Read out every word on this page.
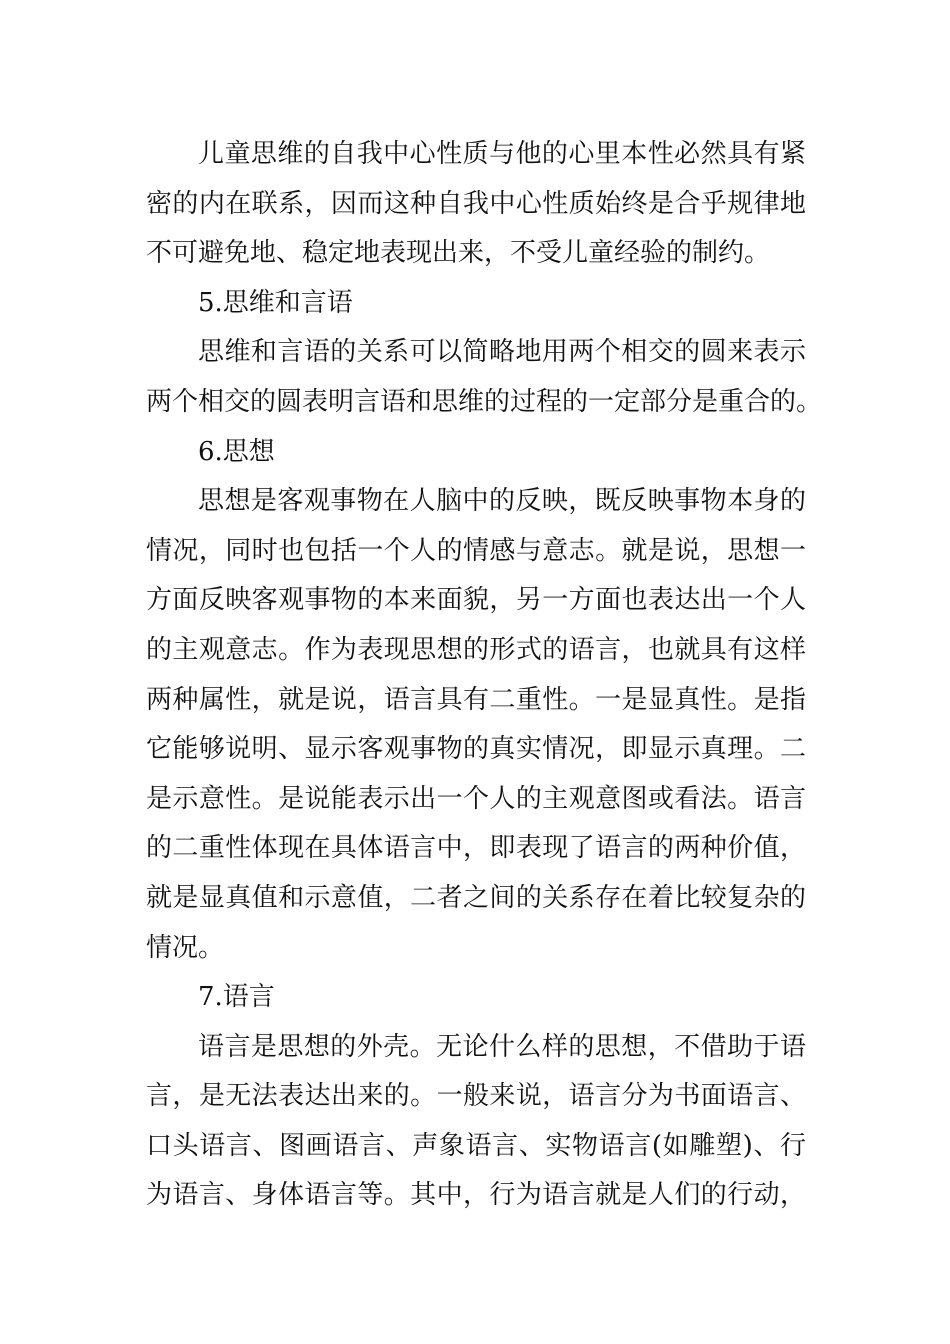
儿童思维的自我中心性质与他的心里本性必然具有紧
密的内在联系，因而这种自我中心性质始终是合乎规律地
不可避免地、稳定地表现出来，不受儿童经验的制约。
5.思维和言语
思维和言语的关系可以简略地用两个相交的圆来表示
两个相交的圆表明言语和思维的过程的一定部分是重合的。
6.思想
思想是客观事物在人脑中的反映，既反映事物本身的
情况，同时也包括一个人的情感与意志。就是说，思想一
方面反映客观事物的本来面貌，另一方面也表达出一个人
的主观意志。作为表现思想的形式的语言，也就具有这样
两种属性，就是说，语言具有二重性。一是显真性。是指
它能够说明、显示客观事物的真实情况，即显示真理。二
是示意性。是说能表示出一个人的主观意图或看法。语言
的二重性体现在具体语言中，即表现了语言的两种价值，
就是显真值和示意值，二者之间的关系存在着比较复杂的
情况。
7.语言
语言是思想的外壳。无论什么样的思想，不借助于语
言，是无法表达出来的。一般来说，语言分为书面语言、
口头语言、图画语言、声象语言、实物语言(如雕塑)、行
为语言、身体语言等。其中，行为语言就是人们的行动，
